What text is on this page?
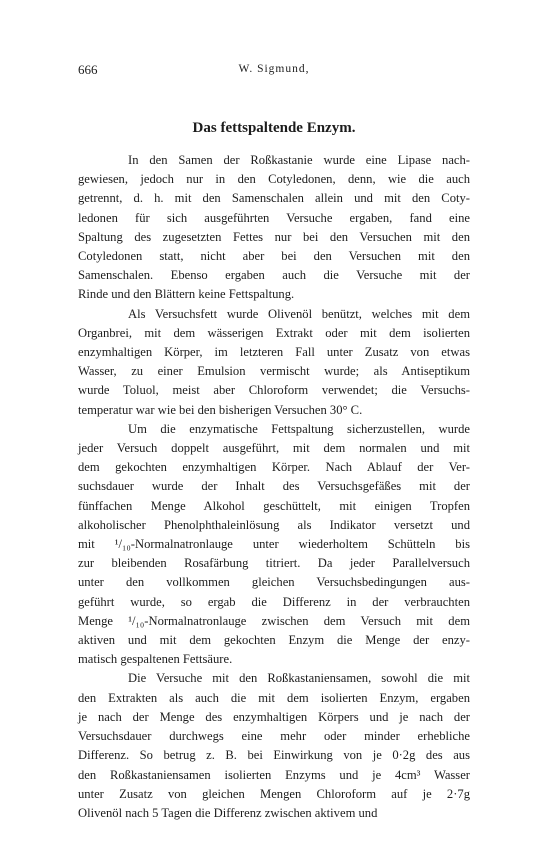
666	W. Sigmund,
Das fettspaltende Enzym.

In den Samen der Roßkastanie wurde eine Lipase nach-
gewiesen, jedoch nur in den Cotyledonen, denn, wie die auch
getrennt, d. h. mit den Samenschalen allein und mit den Coty-
ledonen für sich ausgeführten Versuche ergaben, fand eine
Spaltung des zugesetzten Fettes nur bei den Versuchen mit den
Cotyledonen statt, nicht aber bei den Versuchen mit den
Samenschalen. Ebenso ergaben auch die Versuche mit der
Rinde und den Blättern keine Fettspaltung.

Als Versuchsfett wurde Olivenöl benützt, welches mit dem
Organbrei, mit dem wässerigen Extrakt oder mit dem isolierten
enzymhaltigen Körper, im letzteren Fall unter Zusatz von etwas
Wasser, zu einer Emulsion vermischt wurde; als Antiseptikum
wurde Toluol, meist aber Chloroform verwendet; die Versuchs-
temperatur war wie bei den bisherigen Versuchen 30° C.

Um die enzymatische Fettspaltung sicherzustellen, wurde
jeder Versuch doppelt ausgeführt, mit dem normalen und mit
dem gekochten enzymhaltigen Körper. Nach Ablauf der Ver-
suchsdauer wurde der Inhalt des Versuchsgefäßes mit der
fünffachen Menge Alkohol geschüttelt, mit einigen Tropfen
alkoholischer Phenolphthaleinlösung als Indikator versetzt und
mit ¹/₁₀-Normalnatronlauge unter wiederholtem Schütteln bis
zur bleibenden Rosafärbung titriert. Da jeder Parallelversuch
unter den vollkommen gleichen Versuchsbedingungen aus-
geführt wurde, so ergab die Differenz in der verbrauchten
Menge ¹/₁₀-Normalnatronlauge zwischen dem Versuch mit dem
aktiven und mit dem gekochten Enzym die Menge der enzy-
matisch gespaltenen Fettsäure.

Die Versuche mit den Roßkastaniensamen, sowohl die mit
den Extrakten als auch die mit dem isolierten Enzym, ergaben
je nach der Menge des enzymhaltigen Körpers und je nach der
Versuchsdauer durchwegs eine mehr oder minder erhebliche
Differenz. So betrug z. B. bei Einwirkung von je 0·2g des aus
den Roßkastaniensamen isolierten Enzyms und je 4cm³ Wasser
unter Zusatz von gleichen Mengen Chloroform auf je 2·7g
Olivenöl nach 5 Tagen die Differenz zwischen aktivem und
